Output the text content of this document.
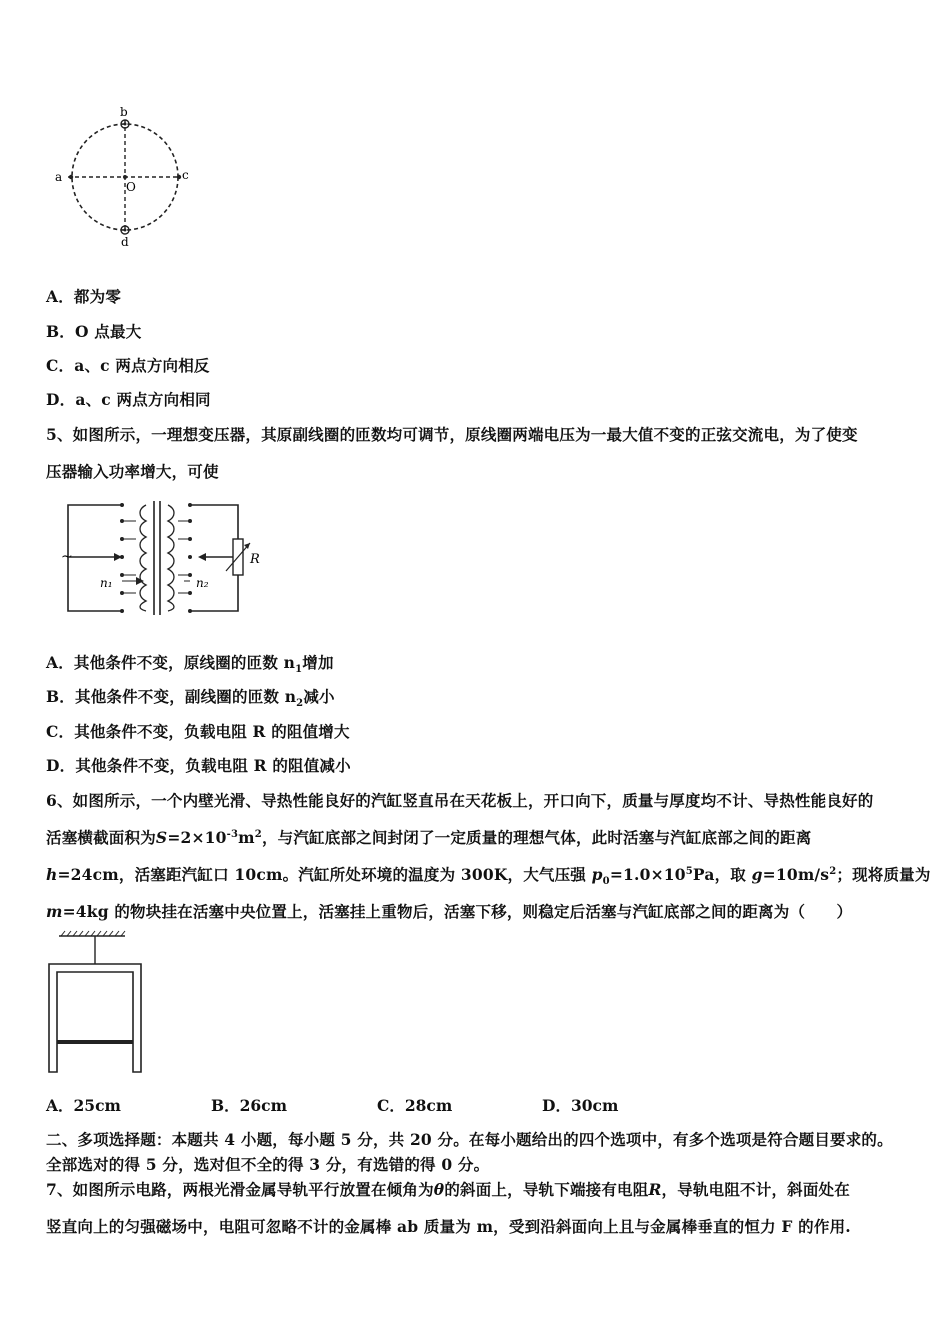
b
d
a	c
O
A．都为零
B．O 点最大
C．a、c 两点方向相反
D．a、c 两点方向相同
5、如图所示，一理想变压器，其原副线圈的匝数均可调节，原线圈两端电压为一最大值不变的正弦交流电，为了使变
压器输入功率增大，可使
~	R
n₁	n₂
A．其他条件不变，原线圈的匝数 $n_1$增加
B．其他条件不变，副线圈的匝数 $n_2$减小
C．其他条件不变，负载电阻 R 的阻值增大
D．其他条件不变，负载电阻 R 的阻值减小
6、如图所示，一个内壁光滑、导热性能良好的汽缸竖直吊在天花板上，开口向下，质量与厚度均不计、导热性能良好的
活塞横截面积为$S=2\times 10^{-3}m^2$，与汽缸底部之间封闭了一定质量的理想气体，此时活塞与汽缸底部之间的距离
h=24cm，活塞距汽缸口 10cm。汽缸所处环境的温度为 300K，大气压强 $p_0=1.0\times 10^5Pa$，取 $g=10m/s^2$；现将质量为
m=4kg 的物块挂在活塞中央位置上，活塞挂上重物后，活塞下移，则稳定后活塞与汽缸底部之间的距离为（　　）
A．25cm	B．26cm	C．28cm	D．30cm
二、多项选择题：本题共 4 小题，每小题 5 分，共 20 分。在每小题给出的四个选项中，有多个选项是符合题目要求的。
全部选对的得 5 分，选对但不全的得 3 分，有选错的得 0 分。
7、如图所示电路，两根光滑金属导轨平行放置在倾角为θ的斜面上，导轨下端接有电阻R，导轨电阻不计，斜面处在
竖直向上的匀强磁场中，电阻可忽略不计的金属棒 ab 质量为 m，受到沿斜面向上且与金属棒垂直的恒力 F 的作用.
